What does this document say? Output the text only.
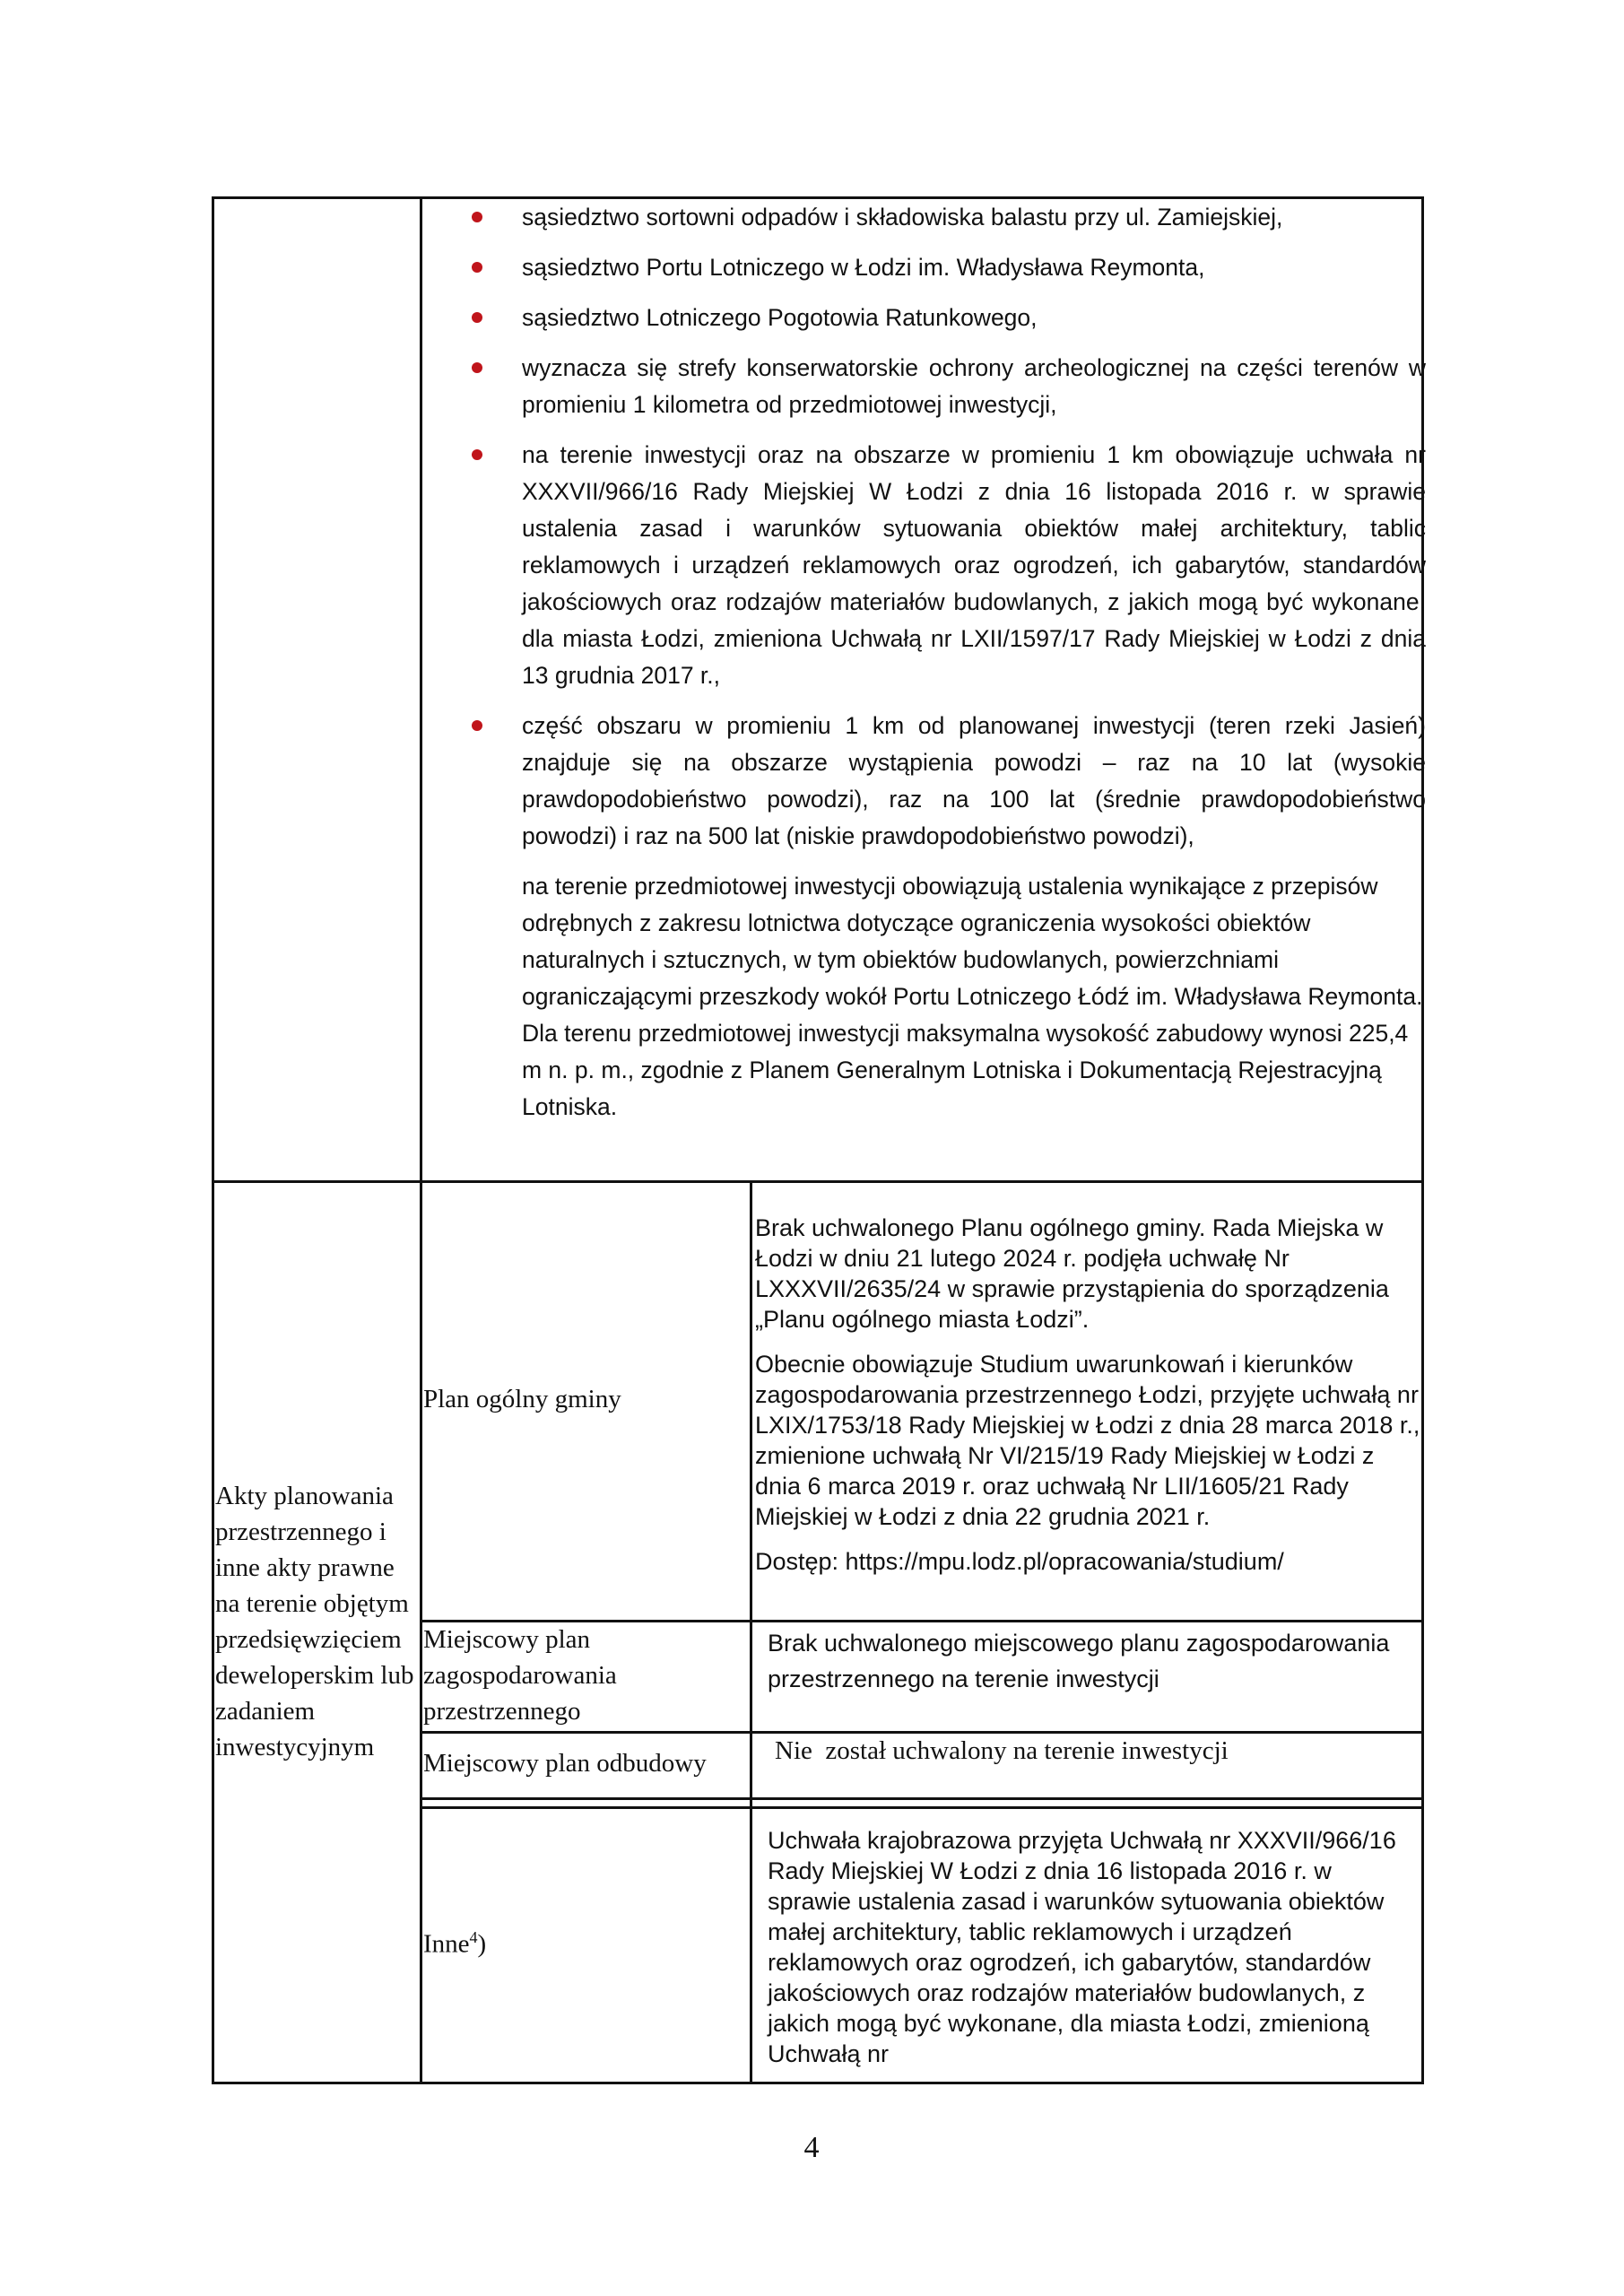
sąsiedztwo sortowni odpadów i składowiska balastu przy ul. Zamiejskiej,
sąsiedztwo Portu Lotniczego w Łodzi im. Władysława Reymonta,
sąsiedztwo Lotniczego Pogotowia Ratunkowego,
wyznacza się strefy konserwatorskie ochrony archeologicznej na części terenów w promieniu 1 kilometra od przedmiotowej inwestycji,
na terenie inwestycji oraz na obszarze w promieniu 1 km obowiązuje uchwała nr XXXVII/966/16 Rady Miejskiej W Łodzi z dnia 16 listopada 2016 r. w sprawie ustalenia zasad i warunków sytuowania obiektów małej architektury, tablic reklamowych i urządzeń reklamowych oraz ogrodzeń, ich gabarytów, standardów jakościowych oraz rodzajów materiałów budowlanych, z jakich mogą być wykonane, dla miasta Łodzi, zmieniona Uchwałą nr LXII/1597/17 Rady Miejskiej w Łodzi z dnia 13 grudnia 2017 r.,
część obszaru w promieniu 1 km od planowanej inwestycji (teren rzeki Jasień) znajduje się na obszarze wystąpienia powodzi – raz na 10 lat (wysokie prawdopodobieństwo powodzi), raz na 100 lat (średnie prawdopodobieństwo powodzi) i raz na 500 lat (niskie prawdopodobieństwo powodzi),
na terenie przedmiotowej inwestycji obowiązują ustalenia wynikające z przepisów odrębnych z zakresu lotnictwa dotyczące ograniczenia wysokości obiektów naturalnych i sztucznych, w tym obiektów budowlanych, powierzchniami ograniczającymi przeszkody wokół Portu Lotniczego Łódź im. Władysława Reymonta. Dla terenu przedmiotowej inwestycji maksymalna wysokość zabudowy wynosi 225,4 m n. p. m., zgodnie z Planem Generalnym Lotniska i Dokumentacją Rejestracyjną Lotniska.
Akty planowania przestrzennego i inne akty prawne na terenie objętym przedsięwzięciem deweloperskim lub zadaniem inwestycyjnym
Plan ogólny gminy
Brak uchwalonego Planu ogólnego gminy. Rada Miejska w Łodzi w dniu 21 lutego 2024 r. podjęła uchwałę Nr LXXXVII/2635/24 w sprawie przystąpienia do sporządzenia „Planu ogólnego miasta Łodzi”.
Obecnie obowiązuje Studium uwarunkowań i kierunków zagospodarowania przestrzennego Łodzi, przyjęte uchwałą nr LXIX/1753/18 Rady Miejskiej w Łodzi z dnia 28 marca 2018 r., zmienione uchwałą Nr VI/215/19 Rady Miejskiej w Łodzi z dnia 6 marca 2019 r. oraz uchwałą Nr LII/1605/21 Rady Miejskiej w Łodzi z dnia 22 grudnia 2021 r.
Dostęp: https://mpu.lodz.pl/opracowania/studium/
Miejscowy plan zagospodarowania przestrzennego
Brak uchwalonego miejscowego planu zagospodarowania przestrzennego na terenie inwestycji
Miejscowy plan odbudowy	Nie  został uchwalony na terenie inwestycji
Inne$^4$)
Uchwała krajobrazowa przyjęta Uchwałą nr XXXVII/966/16 Rady Miejskiej W Łodzi z dnia 16 listopada 2016 r. w sprawie ustalenia zasad i warunków sytuowania obiektów małej architektury, tablic reklamowych i urządzeń reklamowych oraz ogrodzeń, ich gabarytów, standardów jakościowych oraz rodzajów materiałów budowlanych, z jakich mogą być wykonane, dla miasta Łodzi, zmienioną Uchwałą nr
4
